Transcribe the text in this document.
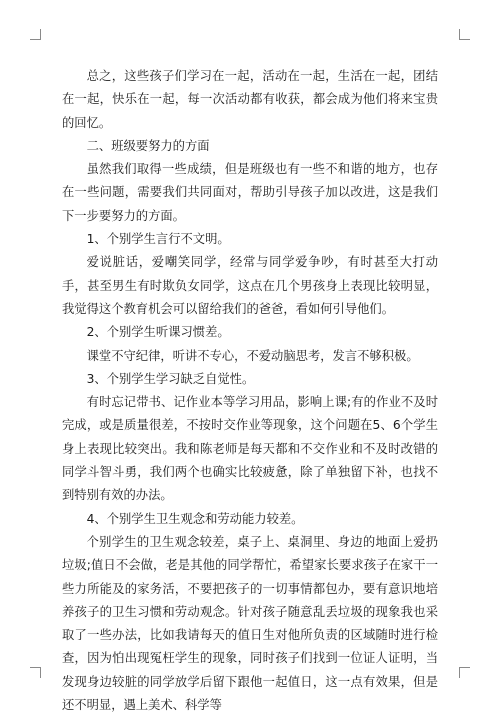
总之，这些孩子们学习在一起，活动在一起，生活在一起，团结在一起，快乐在一起，每一次活动都有收获，都会成为他们将来宝贵的回忆。

二、班级要努力的方面

虽然我们取得一些成绩，但是班级也有一些不和谐的地方，也存在一些问题，需要我们共同面对，帮助引导孩子加以改进，这是我们下一步要努力的方面。

1、个别学生言行不文明。

爱说脏话，爱嘲笑同学，经常与同学爱争吵，有时甚至大打动手，甚至男生有时欺负女同学，这点在几个男孩身上表现比较明显，我觉得这个教育机会可以留给我们的爸爸，看如何引导他们。

2、个别学生听课习惯差。

课堂不守纪律，听讲不专心，不爱动脑思考，发言不够积极。

3、个别学生学习缺乏自觉性。

有时忘记带书、记作业本等学习用品，影响上课;有的作业不及时完成，或是质量很差，不按时交作业等现象，这个问题在5、6个学生身上表现比较突出。我和陈老师是每天都和不交作业和不及时改错的同学斗智斗勇，我们两个也确实比较疲惫，除了单独留下补，也找不到特别有效的办法。

4、个别学生卫生观念和劳动能力较差。

个别学生的卫生观念较差，桌子上、桌洞里、身边的地面上爱扔垃圾;值日不会做，老是其他的同学帮忙，希望家长要求孩子在家干一些力所能及的家务活，不要把孩子的一切事情都包办，要有意识地培养孩子的卫生习惯和劳动观念。针对孩子随意乱丢垃圾的现象我也采取了一些办法，比如我请每天的值日生对他所负责的区域随时进行检查，因为怕出现冤枉学生的现象，同时孩子们找到一位证人证明，当发现身边较脏的同学放学后留下跟他一起值日，这一点有效果，但是还不明显，遇上美术、科学等
